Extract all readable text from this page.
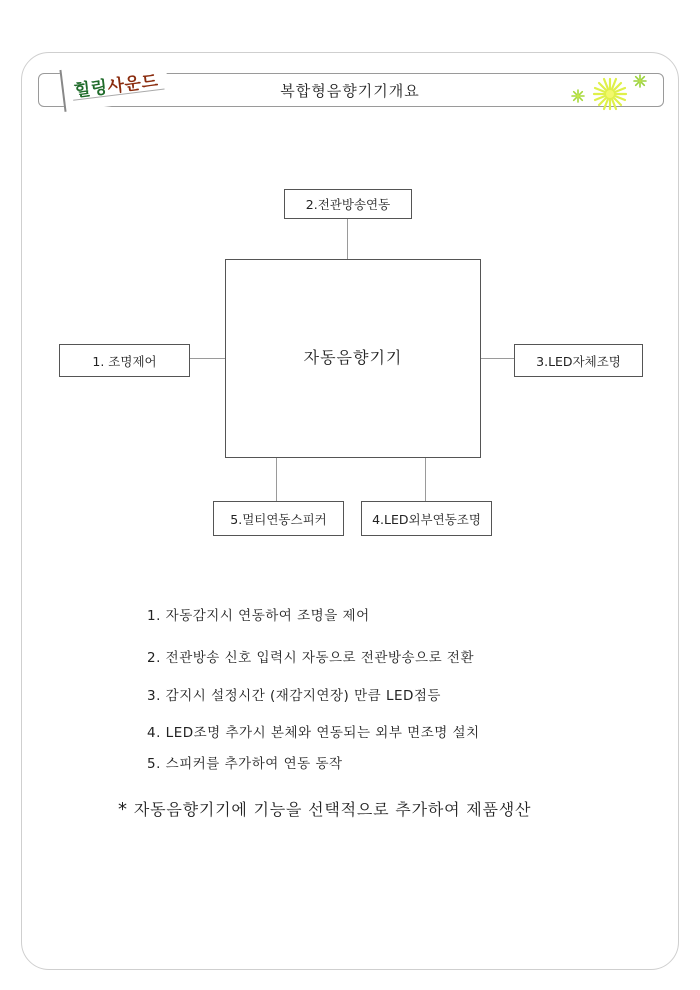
힐링사운드	복합형음향기기개요
자동음향기기
2.전관방송연동
1. 조명제어	3.LED자체조명
5.멀티연동스피커	4.LED외부연동조명
1. 자동감지시 연동하여 조명을 제어
2. 전관방송 신호 입력시 자동으로 전관방송으로 전환
3. 감지시 설정시간 (재감지연장) 만큼 LED점등
4. LED조명 추가시 본체와 연동되는 외부 면조명 설치
5. 스피커를 추가하여 연동 동작
* 자동음향기기에 기능을 선택적으로 추가하여 제품생산
